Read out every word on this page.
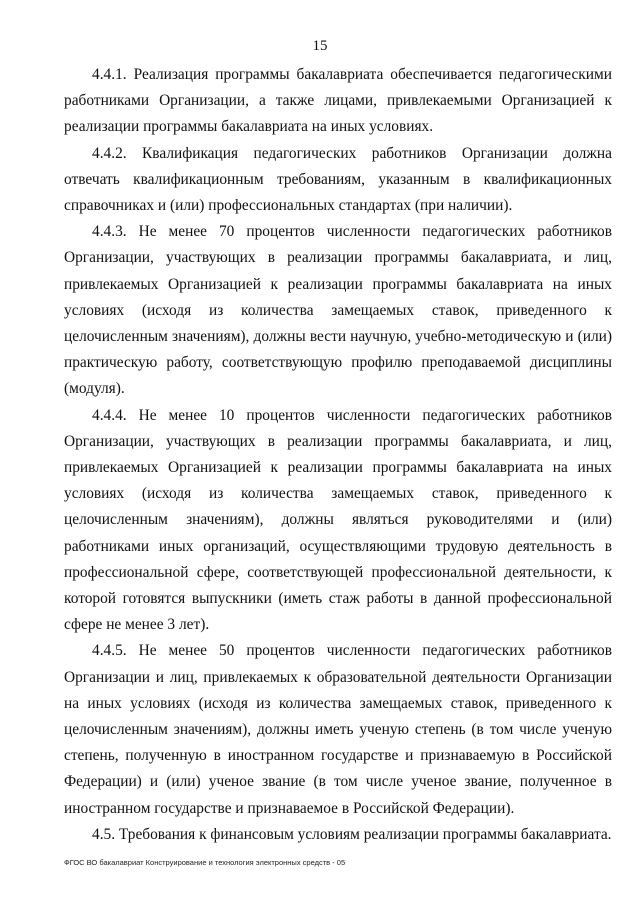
15

4.4.1. Реализация программы бакалавриата обеспечивается педагогическими работниками Организации, а также лицами, привлекаемыми Организацией к реализации программы бакалавриата на иных условиях.

4.4.2. Квалификация педагогических работников Организации должна отвечать квалификационным требованиям, указанным в квалификационных справочниках и (или) профессиональных стандартах (при наличии).

4.4.3. Не менее 70 процентов численности педагогических работников Организации, участвующих в реализации программы бакалавриата, и лиц, привлекаемых Организацией к реализации программы бакалавриата на иных условиях (исходя из количества замещаемых ставок, приведенного к целочисленным значениям), должны вести научную, учебно-методическую и (или) практическую работу, соответствующую профилю преподаваемой дисциплины (модуля).

4.4.4. Не менее 10 процентов численности педагогических работников Организации, участвующих в реализации программы бакалавриата, и лиц, привлекаемых Организацией к реализации программы бакалавриата на иных условиях (исходя из количества замещаемых ставок, приведенного к целочисленным значениям), должны являться руководителями и (или) работниками иных организаций, осуществляющими трудовую деятельность в профессиональной сфере, соответствующей профессиональной деятельности, к которой готовятся выпускники (иметь стаж работы в данной профессиональной сфере не менее 3 лет).

4.4.5. Не менее 50 процентов численности педагогических работников Организации и лиц, привлекаемых к образовательной деятельности Организации на иных условиях (исходя из количества замещаемых ставок, приведенного к целочисленным значениям), должны иметь ученую степень (в том числе ученую степень, полученную в иностранном государстве и признаваемую в Российской Федерации) и (или) ученое звание (в том числе ученое звание, полученное в иностранном государстве и признаваемое в Российской Федерации).

4.5. Требования к финансовым условиям реализации программы бакалавриата.

ФГОС ВО бакалавриат Конструирование и технология электронных средств - 05
